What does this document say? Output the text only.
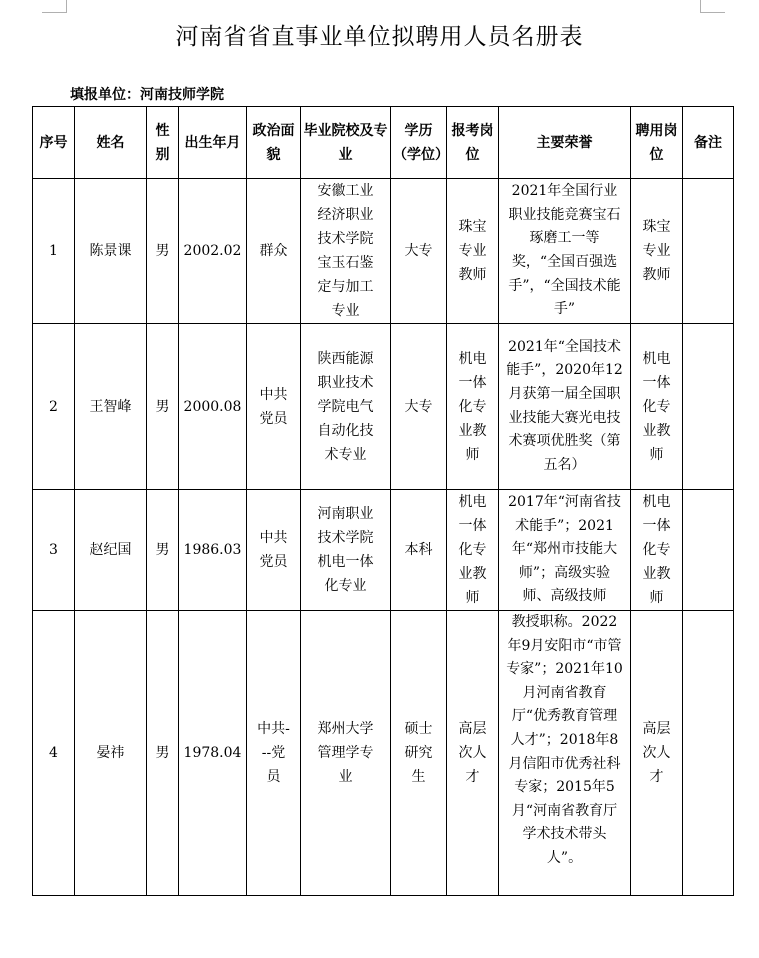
河南省省直事业单位拟聘用人员名册表
填报单位：河南技师学院
序号	姓名	性别	出生年月	政治面貌	毕业院校及专业	学历（学位）	报考岗位	主要荣誉	聘用岗位	备注
1	陈景课	男	2002.02	群众	安徽工业经济职业技术学院宝玉石鉴定与加工专业	大专	珠宝专业教师	2021年全国行业职业技能竞赛宝石琢磨工一等奖，“全国百强选手”，“全国技术能手”	珠宝专业教师	
2	王智峰	男	2000.08	中共党员	陕西能源职业技术学院电气自动化技术专业	大专	机电一体化专业教师	2021年“全国技术能手”，2020年12月获第一届全国职业技能大赛光电技术赛项优胜奖（第五名）	机电一体化专业教师	
3	赵纪国	男	1986.03	中共党员	河南职业技术学院机电一体化专业	本科	机电一体化专业教师	2017年“河南省技术能手”；2021年“郑州市技能大师”；高级实验师、高级技师	机电一体化专业教师	
4	晏祎	男	1978.04	中共---党员	郑州大学管理学专业	硕士研究生	高层次人才	教授职称。2022年9月安阳市“市管专家”；2021年10月河南省教育厅“优秀教育管理人才”；2018年8月信阳市优秀社科专家；2015年5月“河南省教育厅学术技术带头人”。	高层次人才	
